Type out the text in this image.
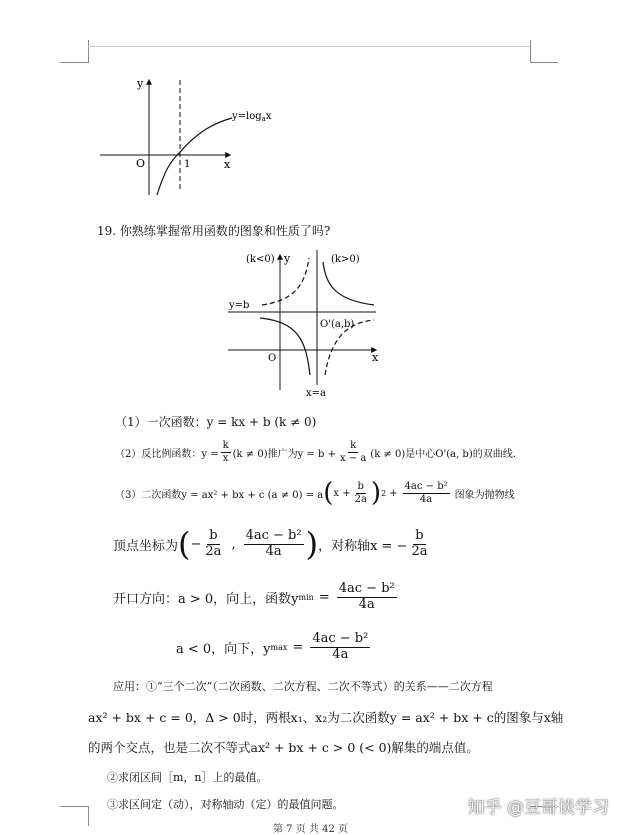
y
x
O	1
$y=\log_ax$
(k<0) y	(k>0)
y=b
O'(a,b)
O	x
x=a
19. 你熟练掌握常用函数的图象和性质了吗?
（1）一次函数：y = kx + b (k ≠ 0)
（2）反比例函数：$y = \frac{k}{x} (k \ne 0)$推广为$y = b + \frac{k}{x - a} (k \ne 0)$是中心O'(a, b)的双曲线.
（3）二次函数y = ax² + bx + c (a ≠ 0) = a ( $x + \frac{b}{2a}$ ) $2 + \frac{\text{4ac − b²}}{4a}$ 图象为抛物线
顶点坐标为 ( − $\frac{b}{2a}$ , $\frac{\text{4ac − b²}}{4a}$ ) ，对称轴x = − $\frac{b}{2a}$
开口方向：a > 0，向上，函数y $\min = \frac{\text{4ac − b²}}{4a}$
a < 0，向下，y $\max = \frac{\text{4ac − b²}}{4a}$
应用：①“三个二次”（二次函数、二次方程、二次不等式）的关系——二次方程
ax² + bx + c = 0，Δ > 0时，两根x₁、x₂为二次函数y = ax² + bx + c的图象与x轴
的两个交点，也是二次不等式ax² + bx + c > 0 (< 0)解集的端点值。
②求闭区间［m，n］上的最值。
③求区间定（动），对称轴动（定）的最值问题。
第 7 页 共 42 页
知乎 @豆哥谈学习
